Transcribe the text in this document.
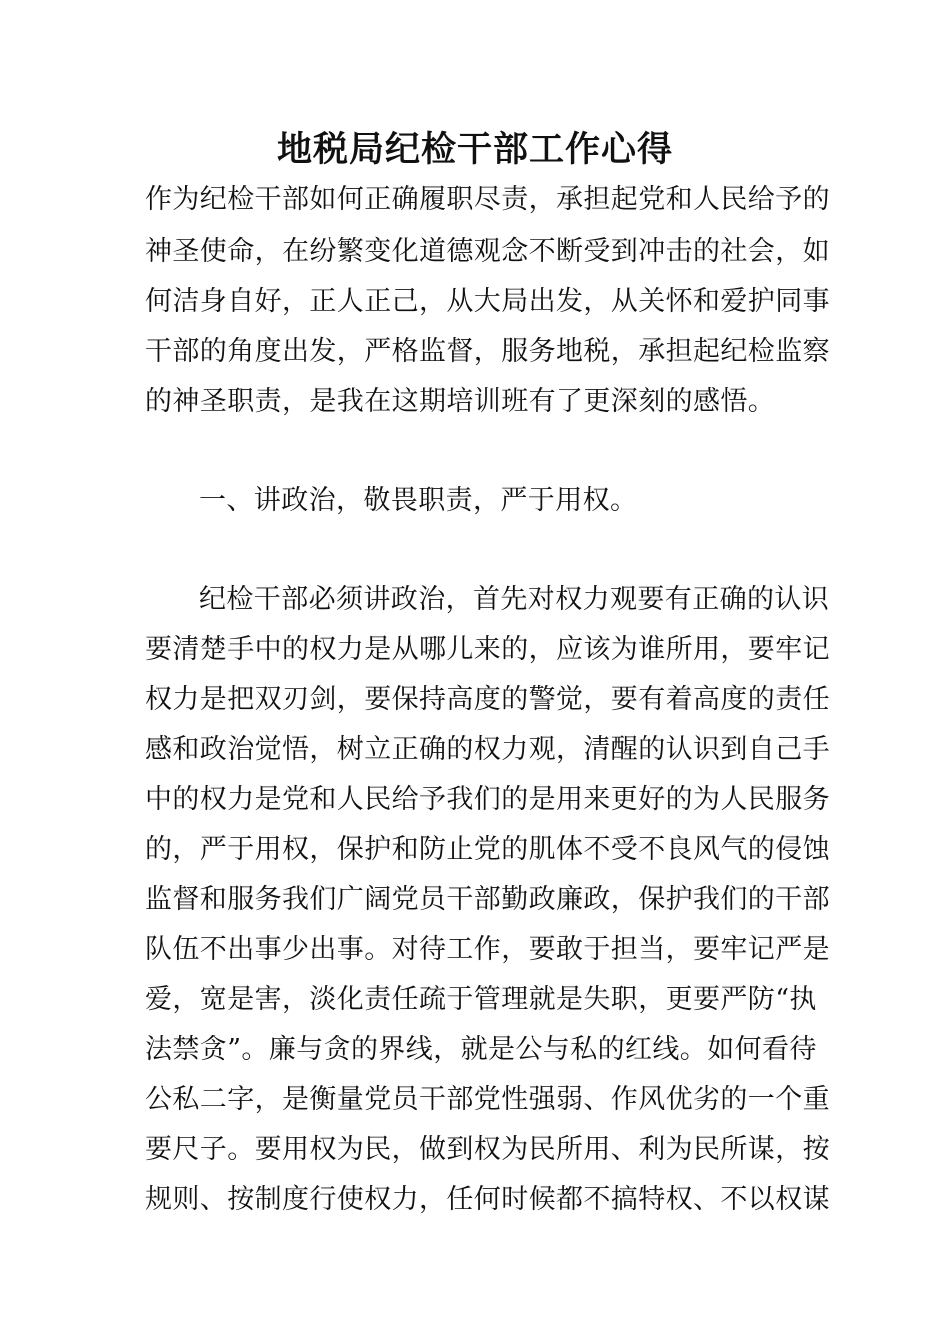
地税局纪检干部工作心得

作为纪检干部如何正确履职尽责，承担起党和人民给予的

神圣使命，在纷繁变化道德观念不断受到冲击的社会，如

何洁身自好，正人正己，从大局出发，从关怀和爱护同事

干部的角度出发，严格监督，服务地税，承担起纪检监察

的神圣职责，是我在这期培训班有了更深刻的感悟。

一、讲政治，敬畏职责，严于用权。

纪检干部必须讲政治，首先对权力观要有正确的认识

要清楚手中的权力是从哪儿来的，应该为谁所用，要牢记

权力是把双刃剑，要保持高度的警觉，要有着高度的责任

感和政治觉悟，树立正确的权力观，清醒的认识到自己手

中的权力是党和人民给予我们的是用来更好的为人民服务

的，严于用权，保护和防止党的肌体不受不良风气的侵蚀

监督和服务我们广阔党员干部勤政廉政，保护我们的干部

队伍不出事少出事。对待工作，要敢于担当，要牢记严是

爱，宽是害，淡化责任疏于管理就是失职，更要严防“执

法禁贪”。廉与贪的界线，就是公与私的红线。如何看待

公私二字，是衡量党员干部党性强弱、作风优劣的一个重

要尺子。要用权为民，做到权为民所用、利为民所谋，按

规则、按制度行使权力，任何时候都不搞特权、不以权谋
